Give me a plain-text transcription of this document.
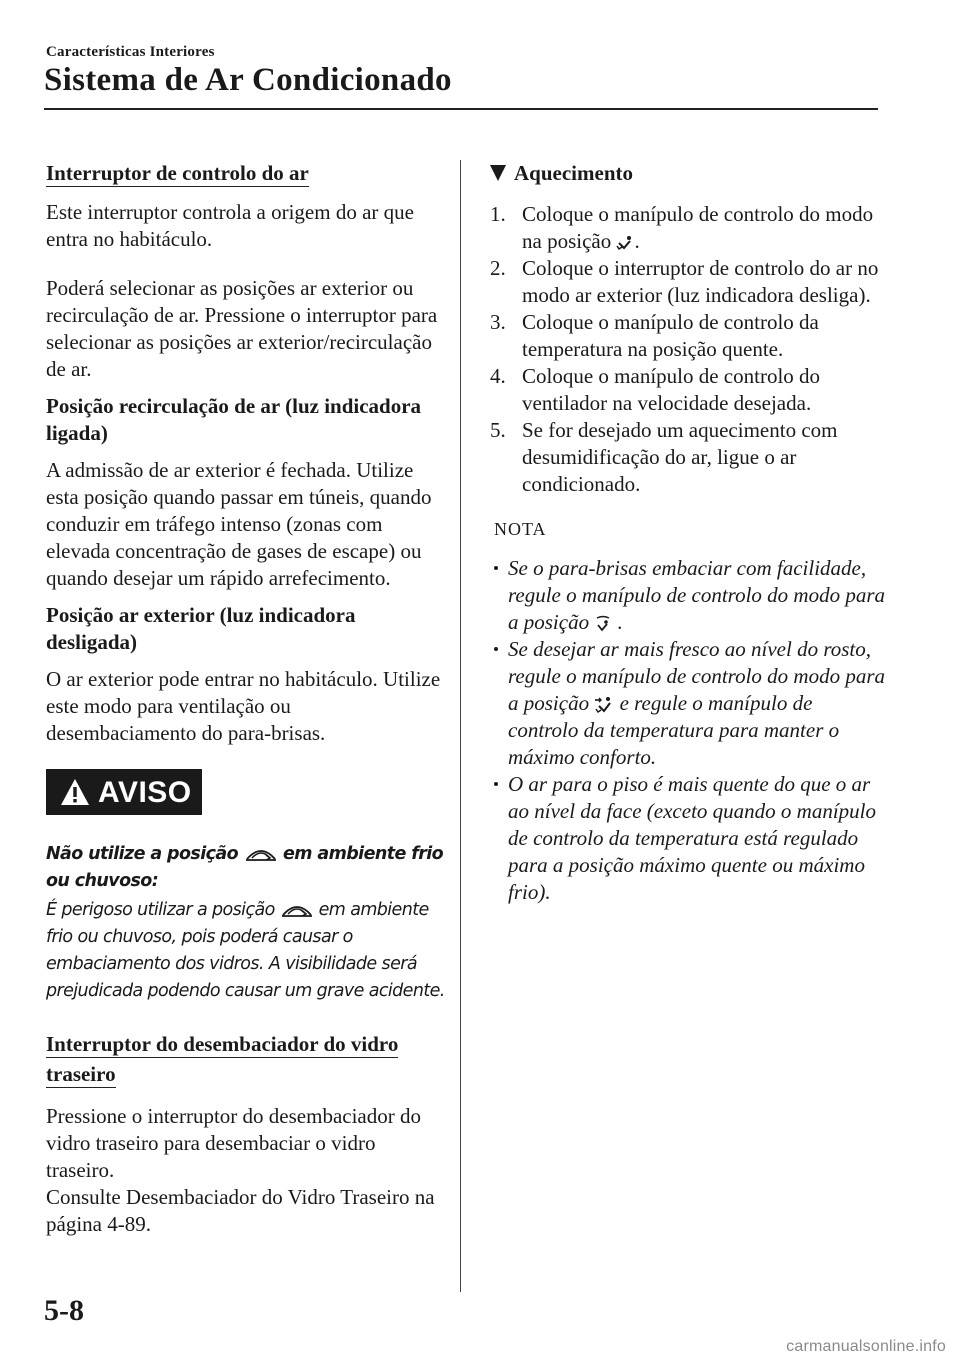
Características Interiores
Sistema de Ar Condicionado
Interruptor de controlo do ar

Este interruptor controla a origem do ar que entra no habitáculo.

Poderá selecionar as posições ar exterior ou recirculação de ar. Pressione o interruptor para selecionar as posições ar exterior/recirculação de ar.

Posição recirculação de ar (luz indicadora ligada)

A admissão de ar exterior é fechada. Utilize esta posição quando passar em túneis, quando conduzir em tráfego intenso (zonas com elevada concentração de gases de escape) ou quando desejar um rápido arrefecimento.

Posição ar exterior (luz indicadora desligada)

O ar exterior pode entrar no habitáculo. Utilize este modo para ventilação ou desembaciamento do para-brisas.

AVISO

Não utilize a posição	em ambiente frio ou chuvoso:

É perigoso utilizar a posição	em ambiente frio ou chuvoso, pois poderá causar o embaciamento dos vidros. A visibilidade será prejudicada podendo causar um grave acidente.

Interruptor do desembaciador do vidro
traseiro

Pressione o interruptor do desembaciador do vidro traseiro para desembaciar o vidro traseiro.

Consulte Desembaciador do Vidro Traseiro na página 4-89.

Aquecimento
1. Coloque o manípulo de controlo do modo na posição .
2. Coloque o interruptor de controlo do ar no modo ar exterior (luz indicadora desliga).
3. Coloque o manípulo de controlo da temperatura na posição quente.
4. Coloque o manípulo de controlo do ventilador na velocidade desejada.
5. Se for desejado um aquecimento com desumidificação do ar, ligue o ar condicionado.

NOTA

Se o para-brisas embaciar com facilidade, regule o manípulo de controlo do modo para a posição .
Se desejar ar mais fresco ao nível do rosto, regule o manípulo de controlo do modo para a posição e regule o manípulo de controlo da temperatura para manter o máximo conforto.
O ar para o piso é mais quente do que o ar ao nível da face (exceto quando o manípulo de controlo da temperatura está regulado para a posição máximo quente ou máximo frio).
5-8
carmanualsonline.info
